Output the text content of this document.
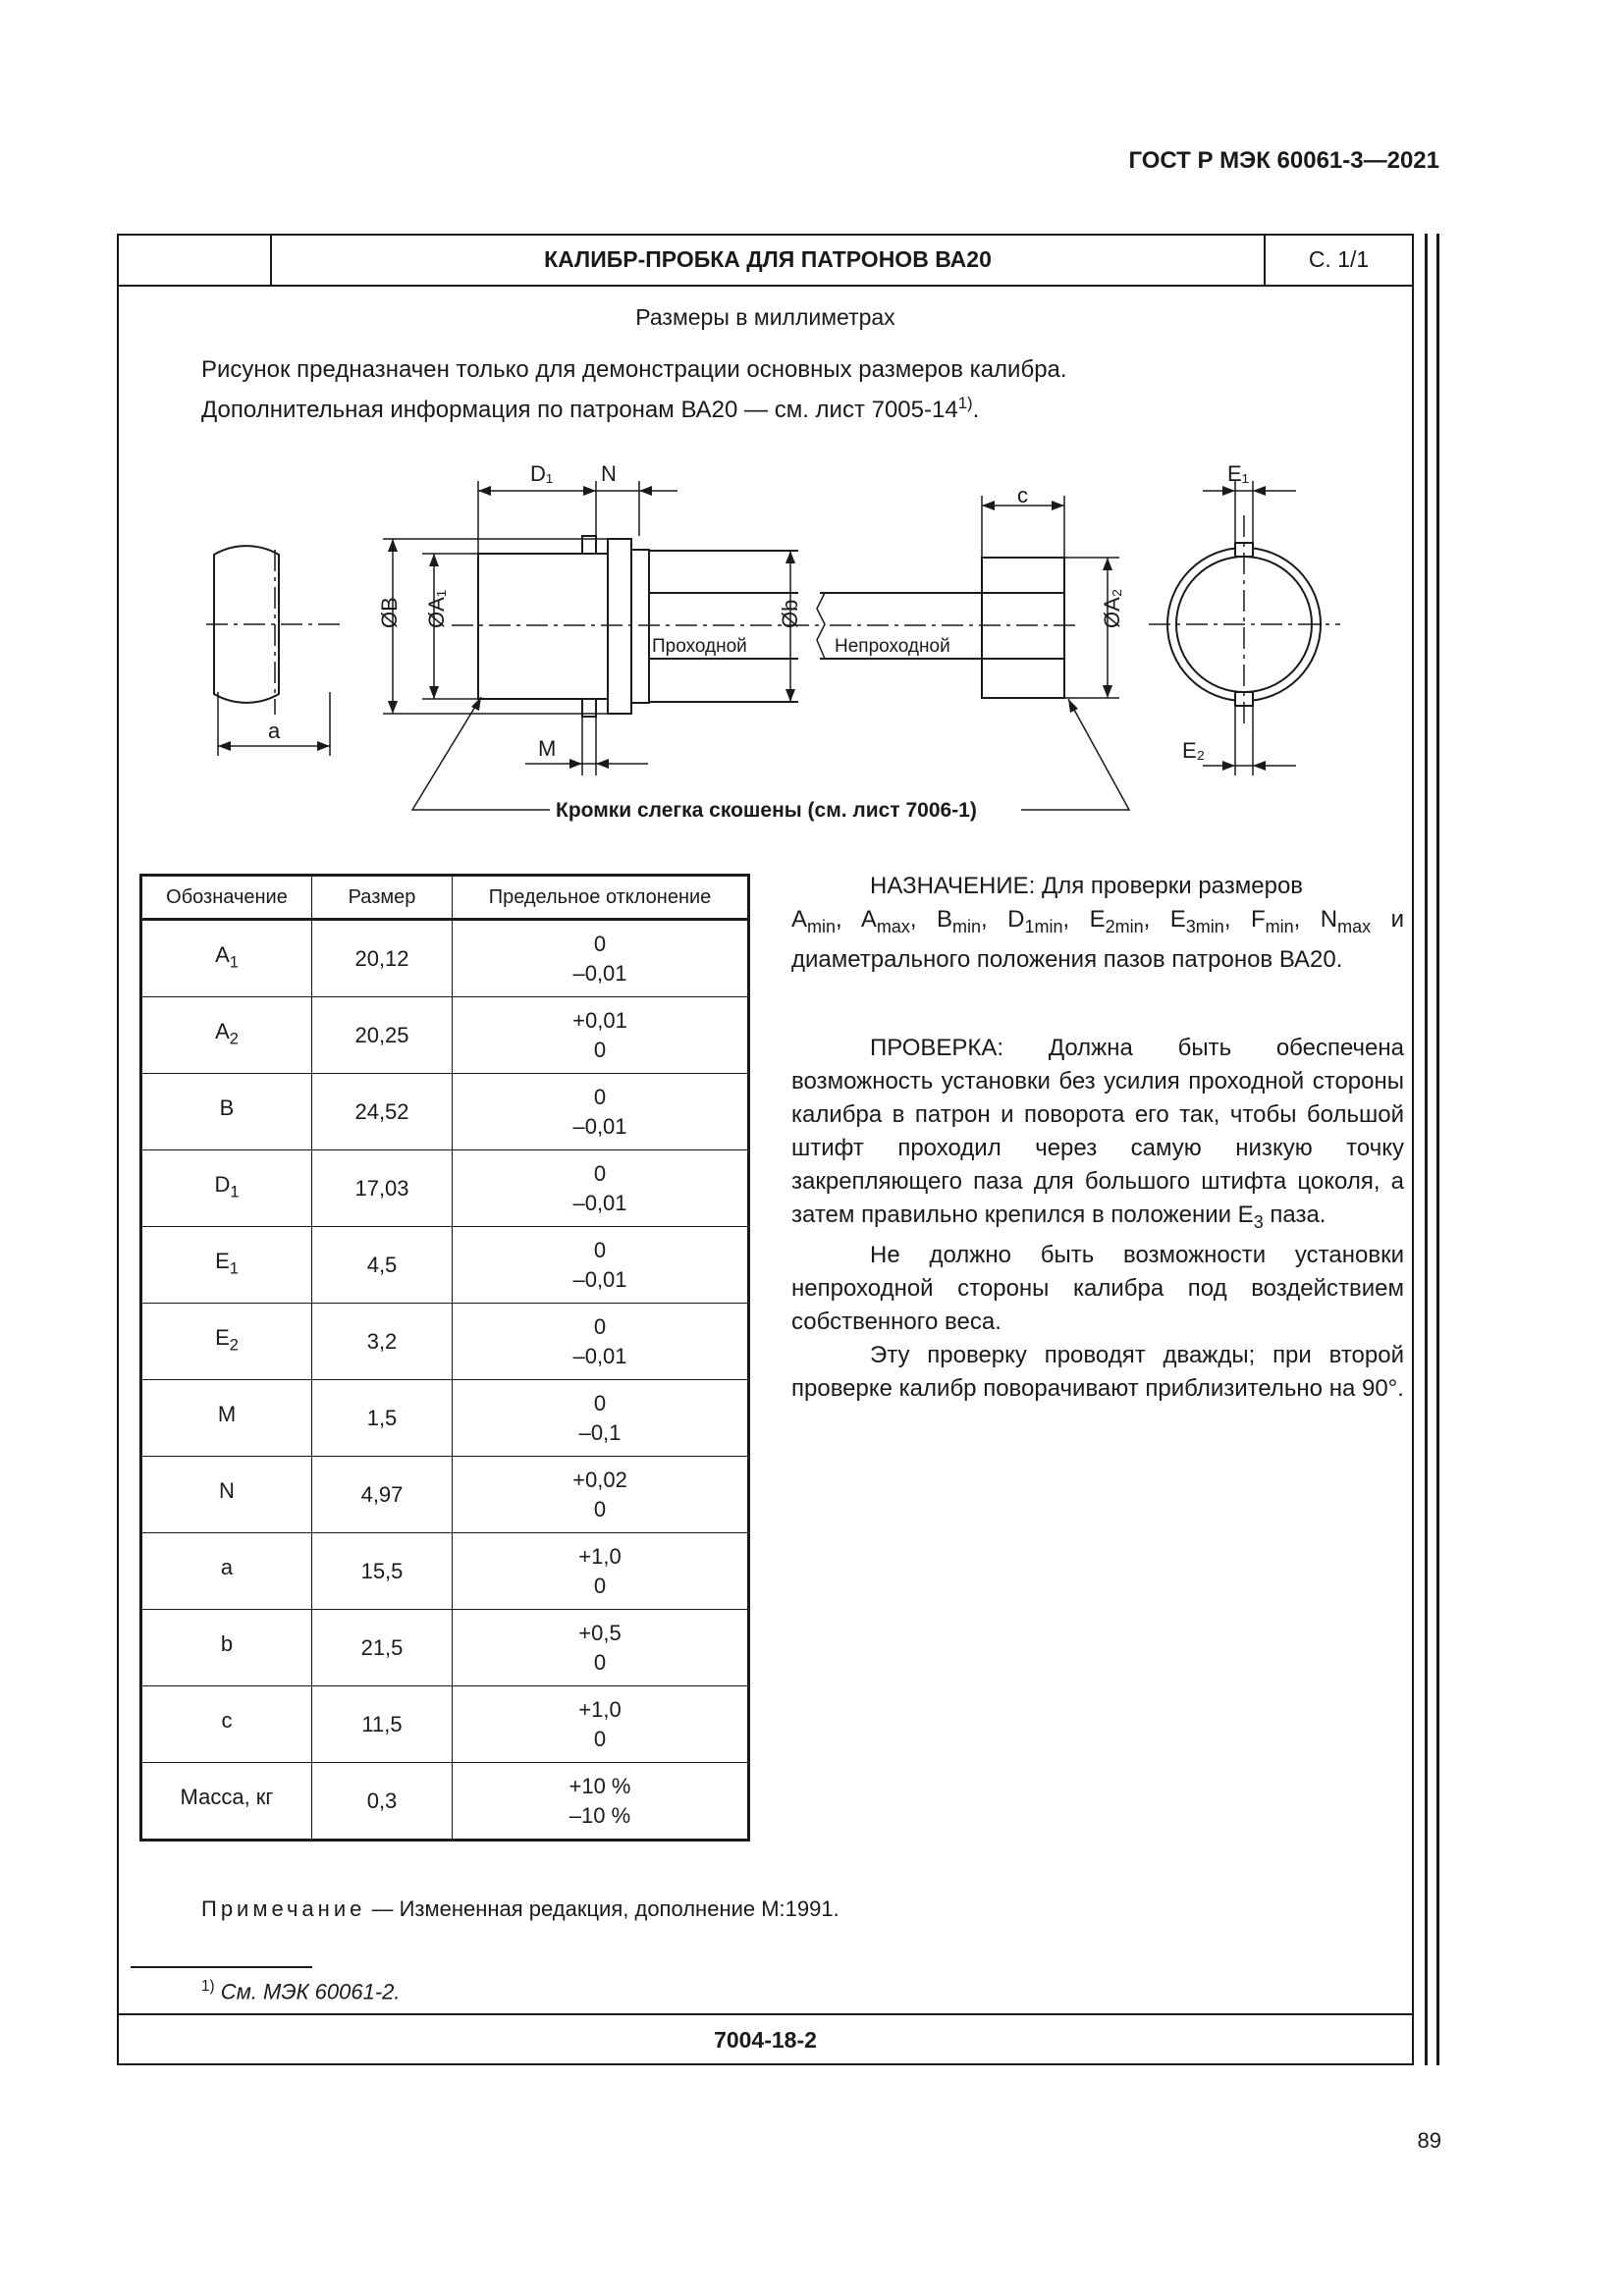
ГОСТ Р МЭК 60061-3—2021
КАЛИБР-ПРОБКА ДЛЯ ПАТРОНОВ ВА20	С. 1/1
Размеры в миллиметрах
Рисунок предназначен только для демонстрации основных размеров калибра.
Дополнительная информация по патронам ВА20 — см. лист 7005-14$^{1)}$.
D₁ N
ØB ØA₁	Øb
Проходной	Непроходной
ØA₂
c
E₁
E₂
a
M
Кромки слегка скошены (см. лист 7006-1)
Обозначение	Размер	Предельное отклонение
$A_1$	20,12	0
–0,01

$A_2$	20,25	+0,01
0

B	24,52	0
–0,01

$D_1$	17,03	0
–0,01

$E_1$	4,5	0
–0,01

$E_2$	3,2	0
–0,01

M	1,5	0
–0,1

N	4,97	+0,02
0

a	15,5	+1,0
0

b	21,5	+0,5
0

c	11,5	+1,0
0

Масса, кг	0,3	+10 %
–10 %
НАЗНАЧЕНИЕ: Для проверки размеров
$A_{min}$, $A_{max}$, $B_{min}$, $D_{1min}$, $E_{2min}$, $E_{3min}$, $F_{min}$, $N_{max}$ и диаметрального положения пазов патронов ВА20.
ПРОВЕРКА: Должна быть обеспечена возможность установки без усилия проходной стороны калибра в патрон и поворота его так, чтобы большой штифт проходил через самую низкую точку закрепляющего паза для большого штифта цоколя, а затем правильно крепился в положении $E_3$ паза.
Не должно быть возможности установки непроходной стороны калибра под воздействием собственного веса.
Эту проверку проводят дважды; при второй проверке калибр поворачивают приблизительно на 90°.
Примечание — Измененная редакция, дополнение М:1991.
$^{1)}$ См. МЭК 60061-2.
7004-18-2
89
